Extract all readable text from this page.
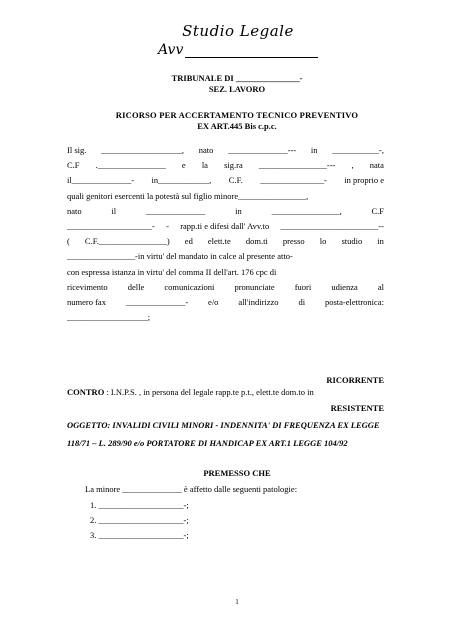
Studio Legale
Avv
TRIBUNALE DI _______________-
SEZ. LAVORO
RICORSO PER ACCERTAMENTO TECNICO PREVENTIVO
EX ART.445 Bis c.p.c.
Il sig. ___________________, nato ______________--- in ___________-,
C.F .________________ e la sig.ra ________________--- , nata
il______________- in____________, C.F. _______________- in proprio e
quali genitori esercenti la potestà sul figlio minore________________,
nato	il	______________	in	________________,	C.F
____________________- - rapp.ti e difesi dall' Avv.to _______________________--
( C.F.________________) ed elett.te dom.ti presso lo studio in
________________-in virtu' del mandato in calce al presente atto-
con espressa istanza in virtu' del comma II dell'art. 176 cpc di
ricevimento delle comunicazioni pronunciate fuori udienza al
numero fax ______________- e/o all'indirizzo di posta-elettronica:
___________________;
RICORRENTE
CONTRO : I.N.P.S. , in persona del legale rapp.te p.t., elett.te dom.to in
RESISTENTE
OGGETTO: INVALIDI CIVILI MINORI - INDENNITA' DI FREQUENZA EX LEGGE
118/71 – L. 289/90 e/o PORTATORE DI HANDICAP EX ART.1 LEGGE 104/92
PREMESSO CHE
La minore ______________ è affetto dalle seguenti patologie:
1. ____________________-;
2. ____________________-;
3. ____________________-;
1
